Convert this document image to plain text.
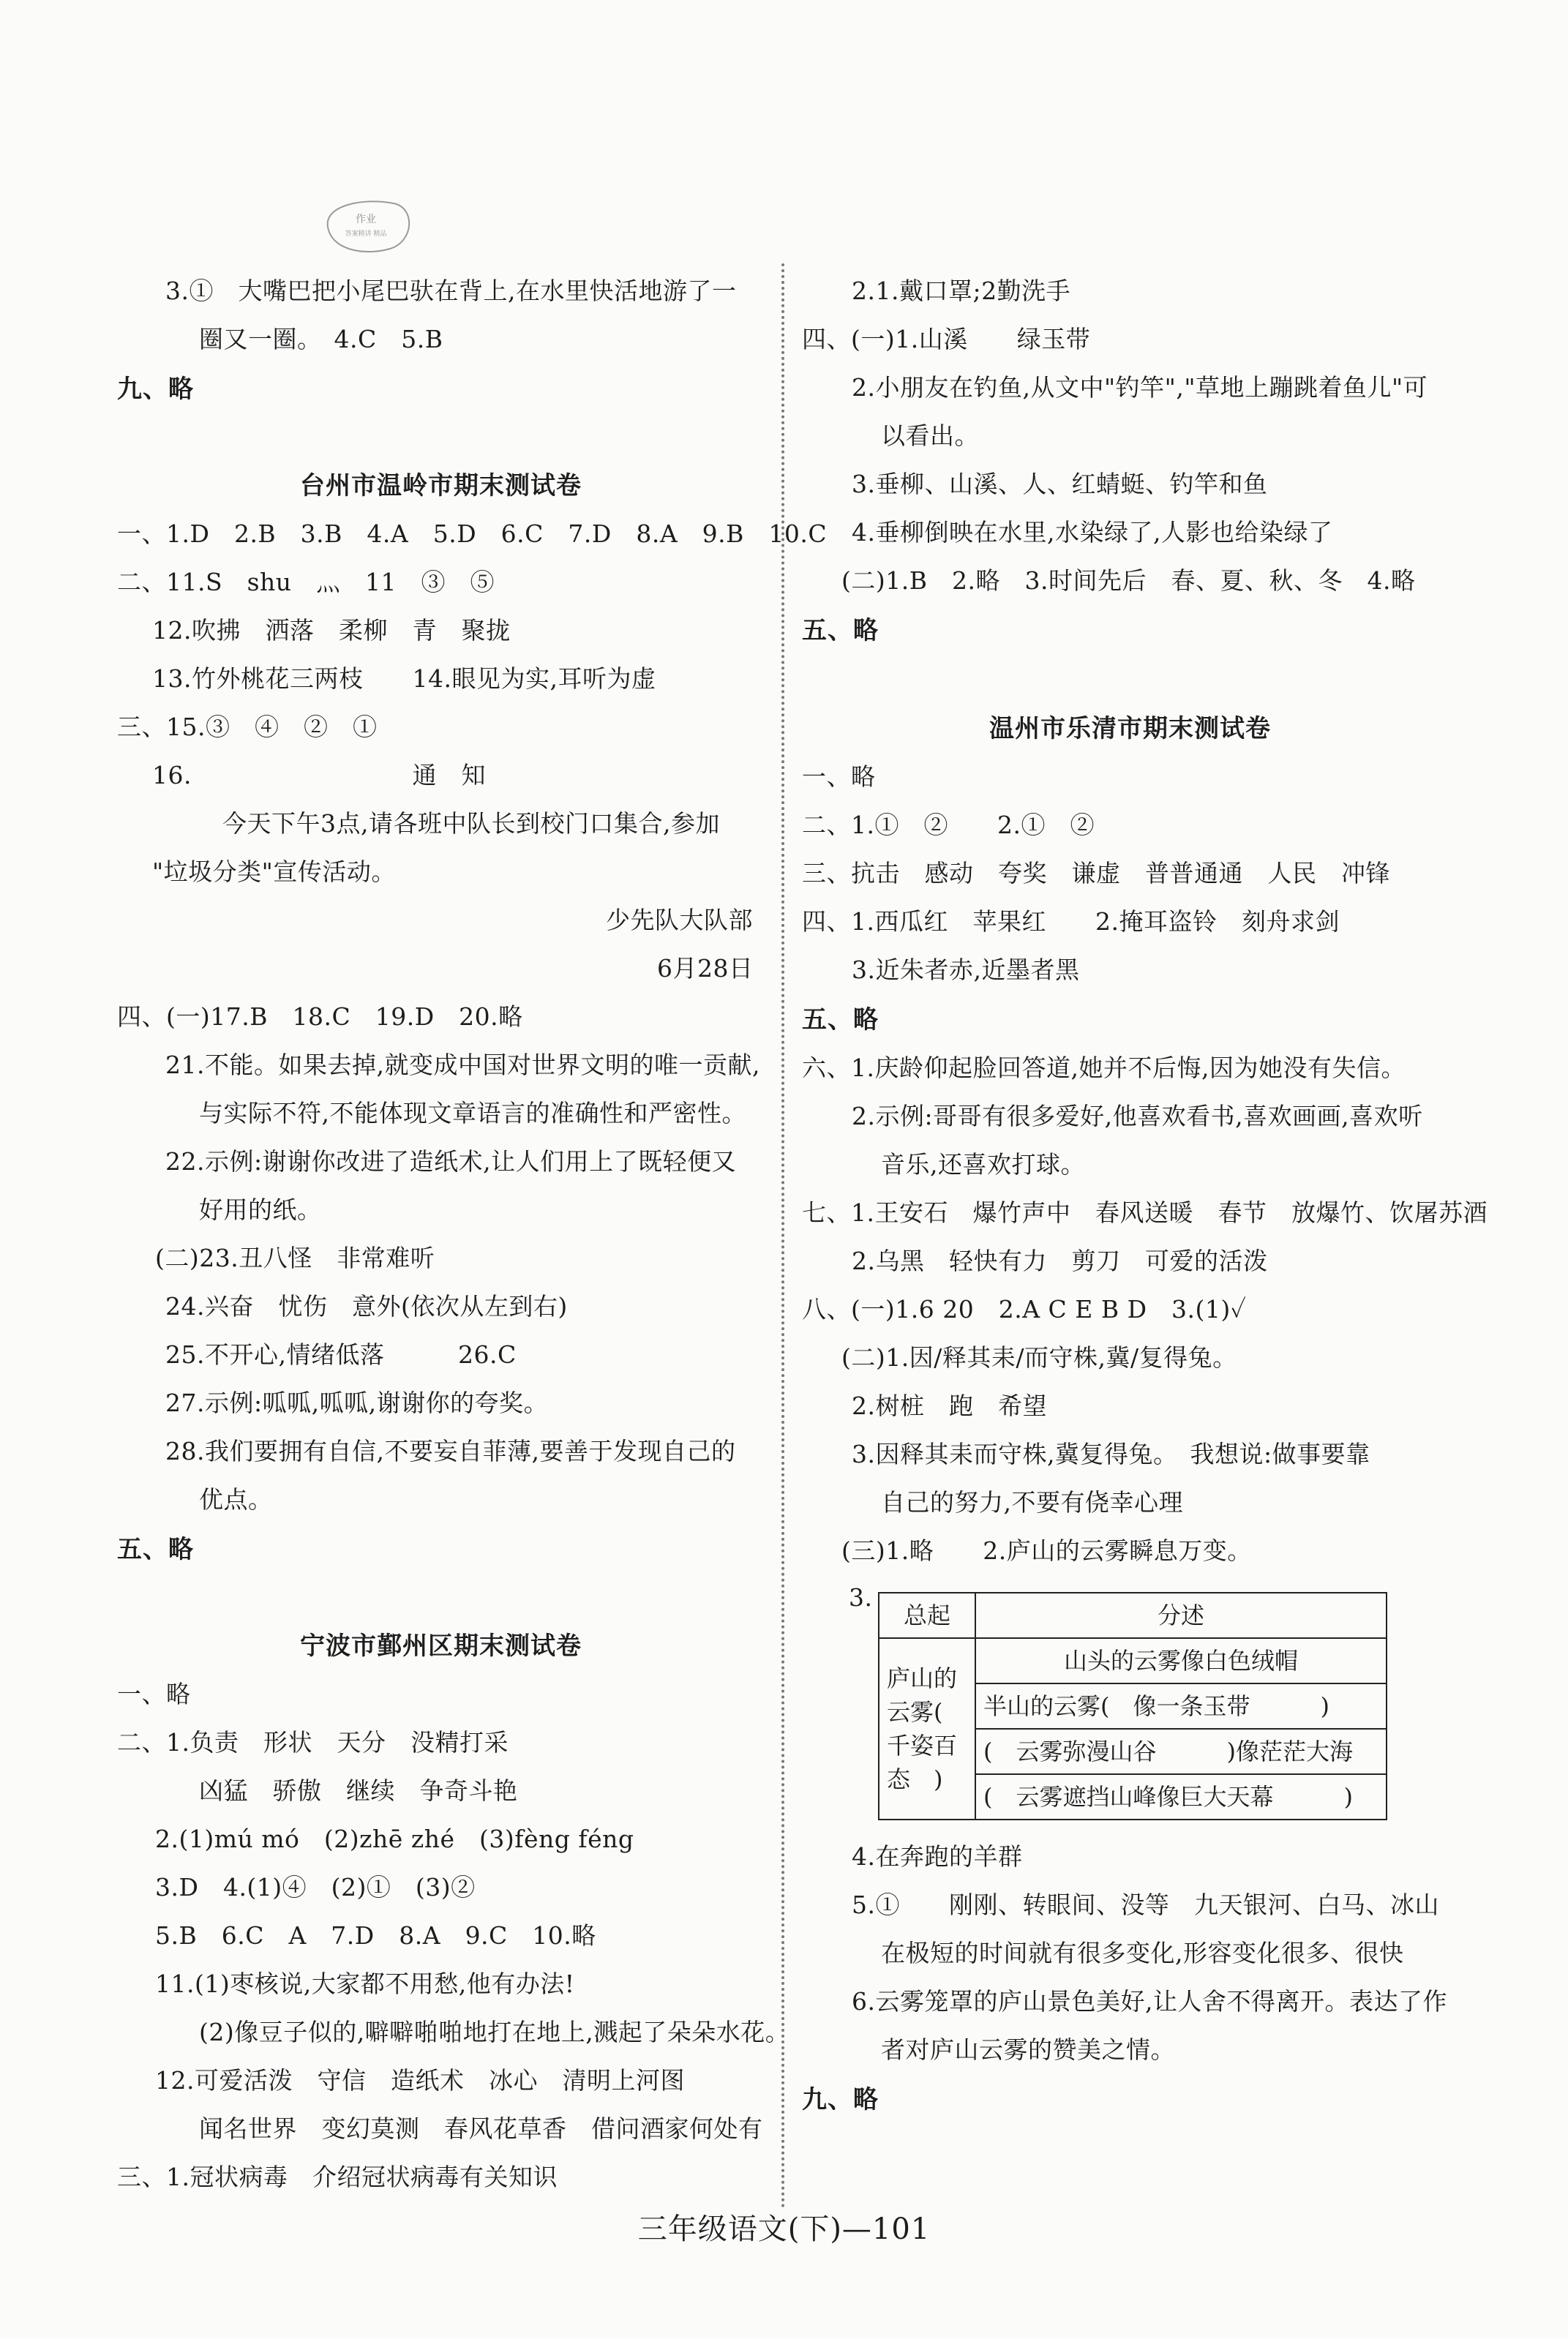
作业
答案精讲 精品
3.①　大嘴巴把小尾巴驮在背上,在水里快活地游了一
圈又一圈。　4.C　5.B
九、略
台州市温岭市期末测试卷
一、1.D　2.B　3.B　4.A　5.D　6.C　7.D　8.A　9.B　10.C
二、11.S　shu　灬　11　③　⑤
12.吹拂　洒落　柔柳　青　聚拢
13.竹外桃花三两枝　　14.眼见为实,耳听为虚
三、15.③　④　②　①
16.　　　　　　　　　通　知
今天下午3点,请各班中队长到校门口集合,参加
"垃圾分类"宣传活动。
少先队大队部
6月28日
四、(一)17.B　18.C　19.D　20.略
21.不能。如果去掉,就变成中国对世界文明的唯一贡献,
与实际不符,不能体现文章语言的准确性和严密性。
22.示例:谢谢你改进了造纸术,让人们用上了既轻便又
好用的纸。
(二)23.丑八怪　非常难听
24.兴奋　忧伤　意外(依次从左到右)
25.不开心,情绪低落　　　26.C
27.示例:呱呱,呱呱,谢谢你的夸奖。
28.我们要拥有自信,不要妄自菲薄,要善于发现自己的
优点。
五、略
宁波市鄞州区期末测试卷
一、略
二、1.负责　形状　天分　没精打采
凶猛　骄傲　继续　争奇斗艳
2.(1)mú mó　(2)zhē zhé　(3)fèng féng
3.D　4.(1)④　(2)①　(3)②
5.B　6.C　A　7.D　8.A　9.C　10.略
11.(1)枣核说,大家都不用愁,他有办法!
(2)像豆子似的,噼噼啪啪地打在地上,溅起了朵朵水花。
12.可爱活泼　守信　造纸术　冰心　清明上河图
闻名世界　变幻莫测　春风花草香　借问酒家何处有
三、1.冠状病毒　介绍冠状病毒有关知识
2.1.戴口罩;2勤洗手
四、(一)1.山溪　　绿玉带
2.小朋友在钓鱼,从文中"钓竿","草地上蹦跳着鱼儿"可
以看出。
3.垂柳、山溪、人、红蜻蜓、钓竿和鱼
4.垂柳倒映在水里,水染绿了,人影也给染绿了
(二)1.B　2.略　3.时间先后　春、夏、秋、冬　4.略
五、略
温州市乐清市期末测试卷
一、略
二、1.①　②　　2.①　②
三、抗击　感动　夸奖　谦虚　普普通通　人民　冲锋
四、1.西瓜红　苹果红　　2.掩耳盗铃　刻舟求剑
3.近朱者赤,近墨者黑
五、略
六、1.庆龄仰起脸回答道,她并不后悔,因为她没有失信。
2.示例:哥哥有很多爱好,他喜欢看书,喜欢画画,喜欢听
音乐,还喜欢打球。
七、1.王安石　爆竹声中　春风送暖　春节　放爆竹、饮屠苏酒
2.乌黑　轻快有力　剪刀　可爱的活泼
八、(一)1.6 20　2.A C E B D　3.(1)✓
(二)1.因/释其耒/而守株,冀/复得兔。
2.树桩　跑　希望
3.因释其耒而守株,冀复得兔。　我想说:做事要靠
自己的努力,不要有侥幸心理
(三)1.略　　2.庐山的云雾瞬息万变。
3.
4.在奔跑的羊群
5.①　　刚刚、转眼间、没等　九天银河、白马、冰山
在极短的时间就有很多变化,形容变化很多、很快
6.云雾笼罩的庐山景色美好,让人舍不得离开。表达了作
者对庐山云雾的赞美之情。
九、略
总起	分述
庐山的云雾(　千姿百态　)	山头的云雾像白色绒帽
	半山的云雾(　像一条玉带　　　)
	(　云雾弥漫山谷　　　)像茫茫大海
	(　云雾遮挡山峰像巨大天幕　　　)
三年级语文(下)—101
